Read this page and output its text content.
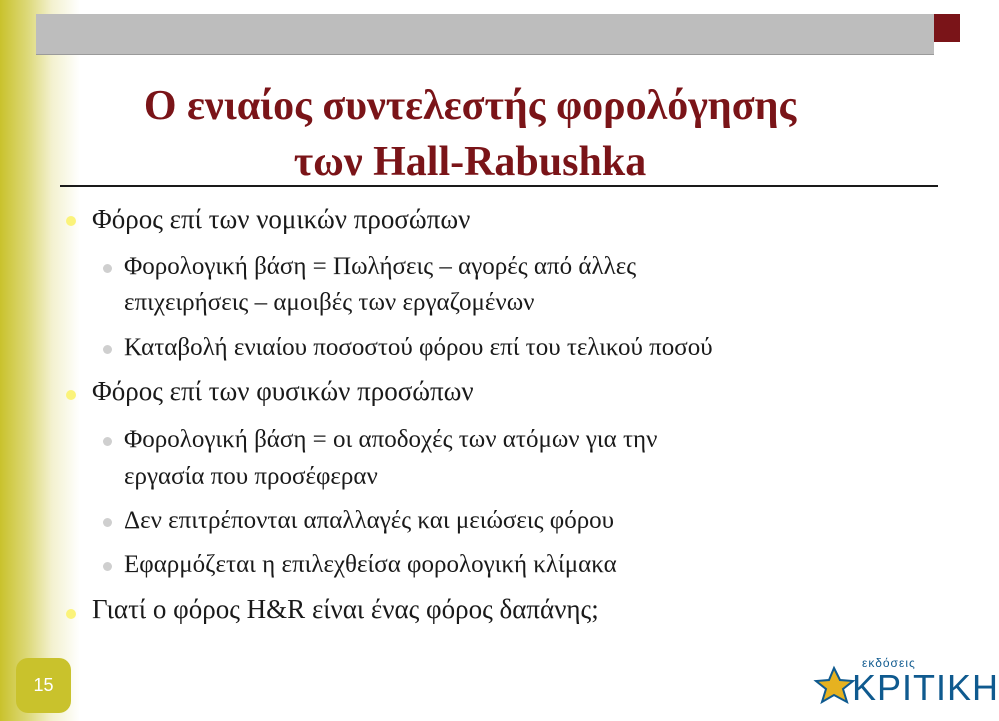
Ο ενιαίος συντελεστής φορολόγησης
των Hall-Rabushka
Φόρος επί των νομικών προσώπων
Φορολογική βάση = Πωλήσεις – αγορές από άλλες
επιχειρήσεις – αμοιβές των εργαζομένων
Καταβολή ενιαίου ποσοστού φόρου επί του τελικού ποσού
Φόρος επί των φυσικών προσώπων
Φορολογική βάση = οι αποδοχές των ατόμων για την
εργασία που προσέφεραν
Δεν επιτρέπονται απαλλαγές και μειώσεις φόρου
Εφαρμόζεται η επιλεχθείσα φορολογική κλίμακα
Γιατί ο φόρος H&R είναι ένας φόρος δαπάνης;
15
εκδόσεις
ΚΡΙΤΙΚΗ
